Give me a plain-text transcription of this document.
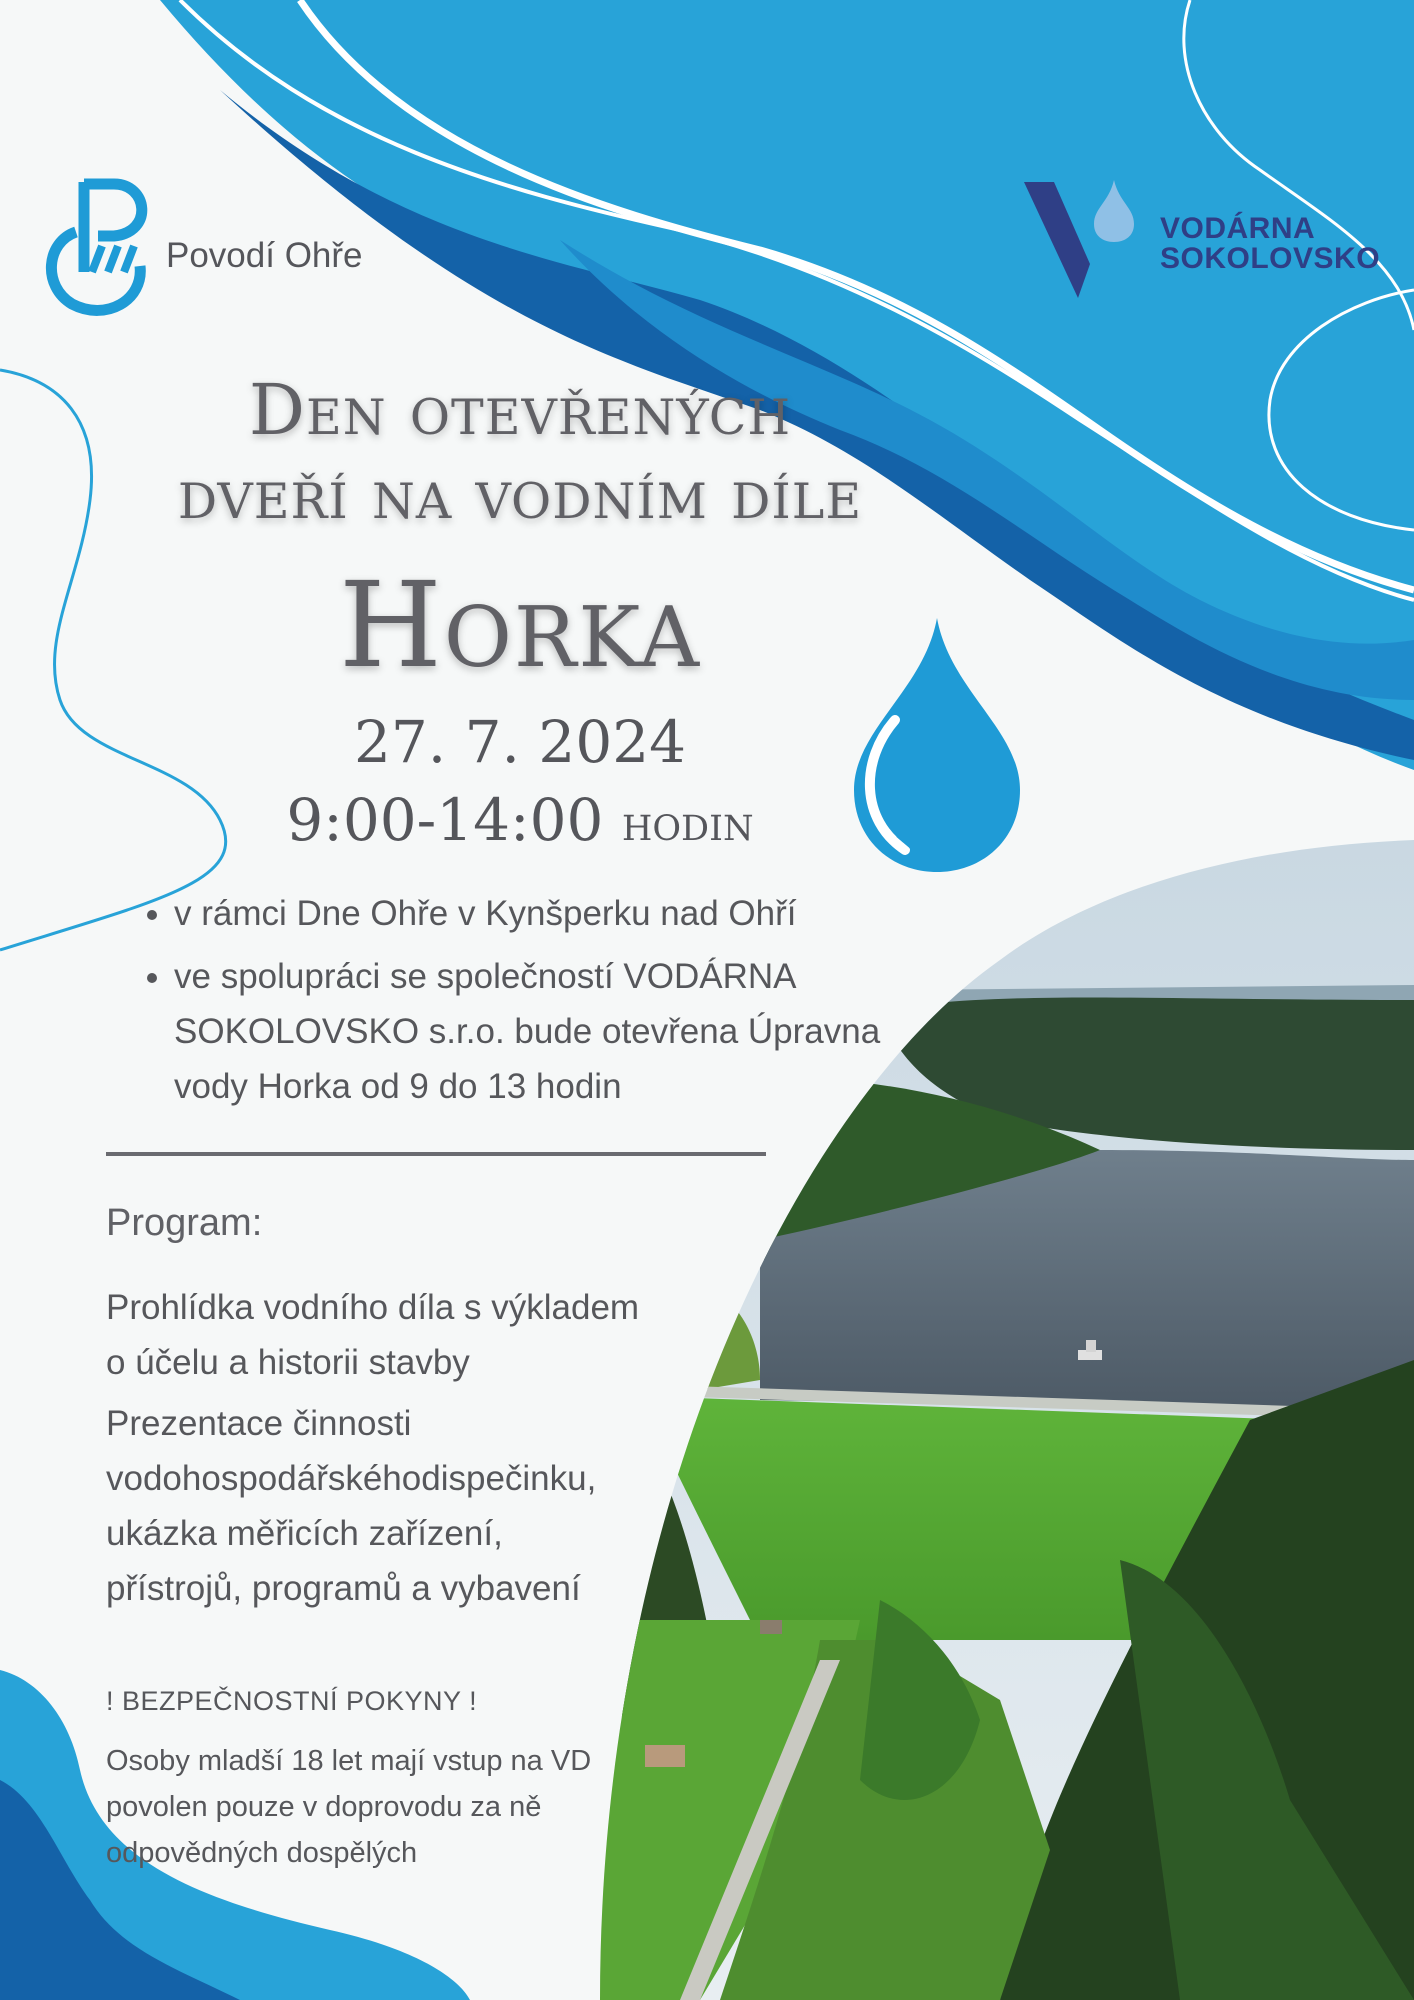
Povodí Ohře
VODÁRNA
SOKOLOVSKO
Den otevřených
dveří na vodním díle
Horka
27. 7. 2024
9:00-14:00 hodin
• v rámci Dne Ohře v Kynšperku nad Ohří
• ve spolupráci se společností VODÁRNA SOKOLOVSKO s.r.o. bude otevřena Úpravna vody Horka od 9 do 13 hodin
Program:
Prohlídka vodního díla s výkladem o účelu a historii stavby
Prezentace činnosti vodohospodářskéhodispečinku, ukázka měřicích zařízení, přístrojů, programů a vybavení
! BEZPEČNOSTNÍ POKYNY !
Osoby mladší 18 let mají vstup na VD povolen pouze v doprovodu za ně odpovědných dospělých
